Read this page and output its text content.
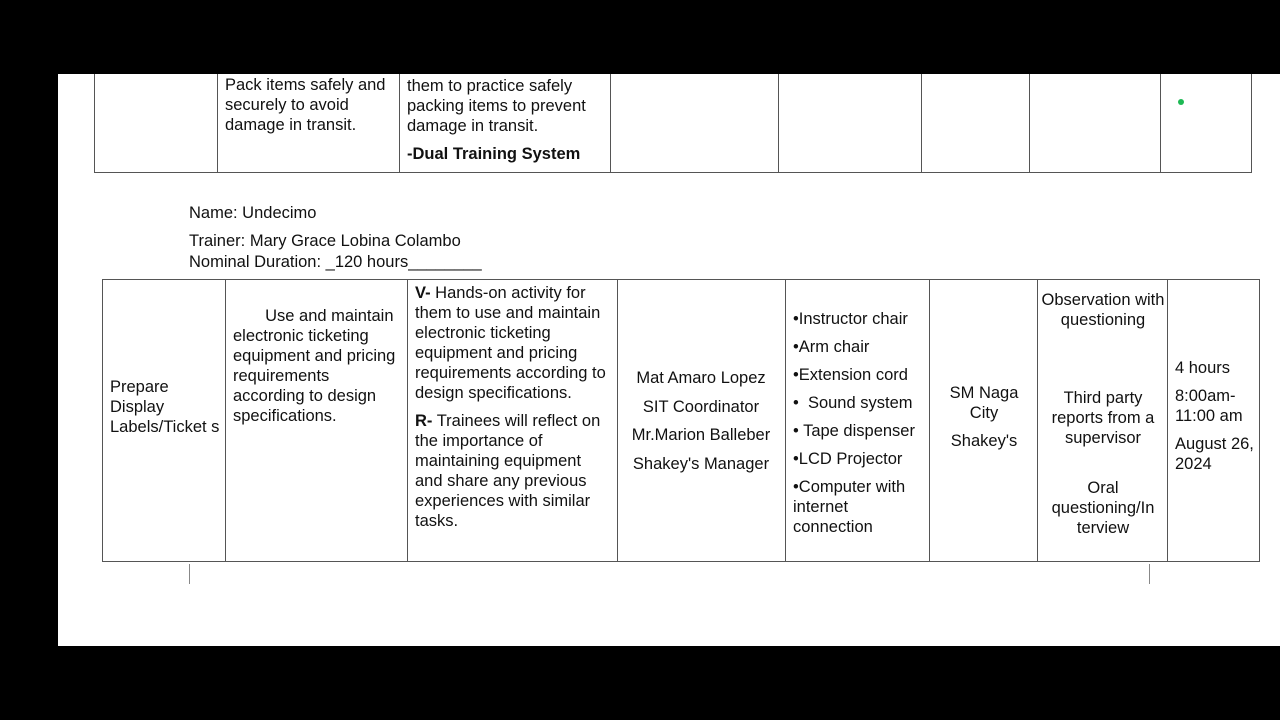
Pack items safely and securely to avoid damage in transit.
them to practice safely packing items to prevent damage in transit.
-Dual Training System
Name: Undecimo
Trainer: Mary Grace Lobina Colambo
Nominal Duration: _120 hours________
Prepare Display Labels/Ticket s

Use and maintain electronic ticketing equipment and pricing requirements according to design specifications.

V- Hands-on activity for them to use and maintain electronic ticketing equipment and pricing requirements according to design specifications.
R- Trainees will reflect on the importance of maintaining equipment and share any previous experiences with similar tasks.
Mat Amaro Lopez
SIT Coordinator
Mr.Marion Balleber
Shakey's Manager
•Instructor chair
•Arm chair
•Extension cord
•  Sound system
• Tape dispenser
•LCD Projector
•Computer with internet connection
SM Naga City
Shakey's
Observation with questioning
Third party reports from a supervisor
Oral questioning/In terview
4 hours
8:00am-11:00 am
August 26, 2024
